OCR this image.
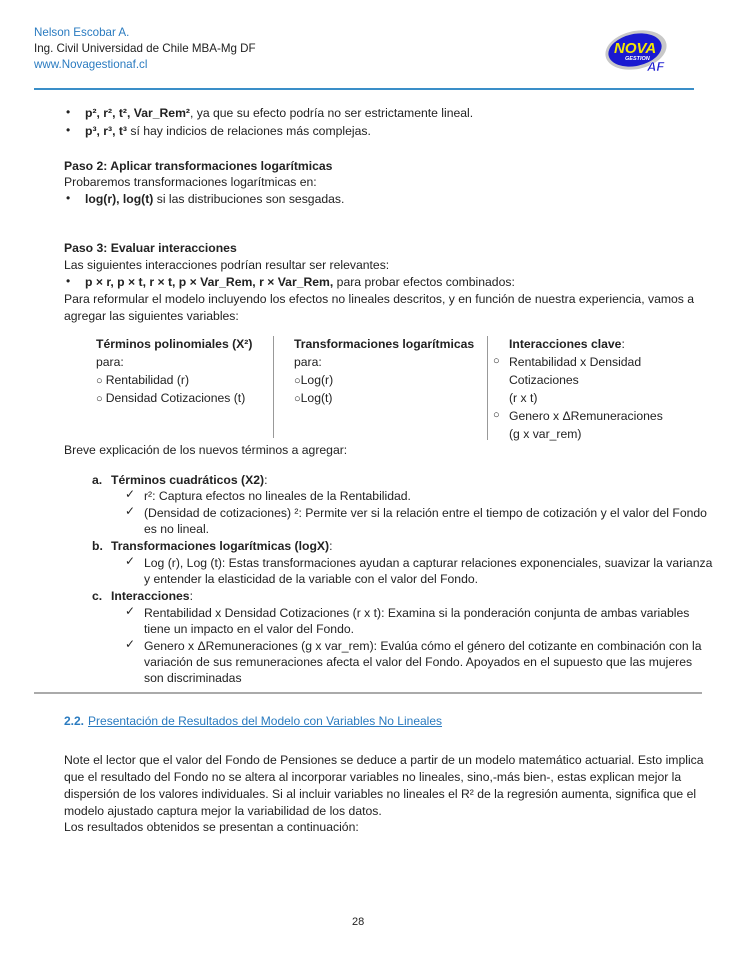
Nelson Escobar A.
Ing. Civil Universidad de Chile MBA-Mg DF
www.Novagestionaf.cl
NOVA
GESTION
AF
• p², r², t², Var_Rem², ya que su efecto podría no ser estrictamente lineal.
• p³, r³, t³ sí hay indicios de relaciones más complejas.
Paso 2: Aplicar transformaciones logarítmicas
Probaremos transformaciones logarítmicas en:
• log(r), log(t) si las distribuciones son sesgadas.
Paso 3: Evaluar interacciones
Las siguientes interacciones podrían resultar ser relevantes:
• p × r, p × t, r × t, p × Var_Rem, r × Var_Rem, para probar efectos combinados:
Para reformular el modelo incluyendo los efectos no lineales descritos, y en función de nuestra experiencia, vamos a
agregar las siguientes variables:
Términos polinomiales (X²)
para:
○ Rentabilidad (r)
○ Densidad Cotizaciones (t)
Transformaciones logarítmicas
para:
○Log(r)
○Log(t)
Interacciones clave:
○ Rentabilidad x Densidad
Cotizaciones
(r x t)
○ Genero x ΔRemuneraciones
(g x var_rem)
Breve explicación de los nuevos términos a agregar:
a. Términos cuadráticos (X2):
✓ r²: Captura efectos no lineales de la Rentabilidad.
✓ (Densidad de cotizaciones) ²: Permite ver si la relación entre el tiempo de cotización y el valor del Fondo
es no lineal.
b. Transformaciones logarítmicas (logX):
✓ Log (r), Log (t): Estas transformaciones ayudan a capturar relaciones exponenciales, suavizar la varianza
y entender la elasticidad de la variable con el valor del Fondo.
c. Interacciones:
✓ Rentabilidad x Densidad Cotizaciones (r x t): Examina si la ponderación conjunta de ambas variables
tiene un impacto en el valor del Fondo.
✓ Genero x ΔRemuneraciones (g x var_rem): Evalúa cómo el género del cotizante en combinación con la
variación de sus remuneraciones afecta el valor del Fondo. Apoyados en el supuesto que las mujeres
son discriminadas
2.2. Presentación de Resultados del Modelo con Variables No Lineales
Note el lector que el valor del Fondo de Pensiones se deduce a partir de un modelo matemático actuarial. Esto implica
que el resultado del Fondo no se altera al incorporar variables no lineales, sino,-más bien-, estas explican mejor la
dispersión de los valores individuales. Si al incluir variables no lineales el R² de la regresión aumenta, significa que el
modelo ajustado captura mejor la variabilidad de los datos.
Los resultados obtenidos se presentan a continuación:
28
